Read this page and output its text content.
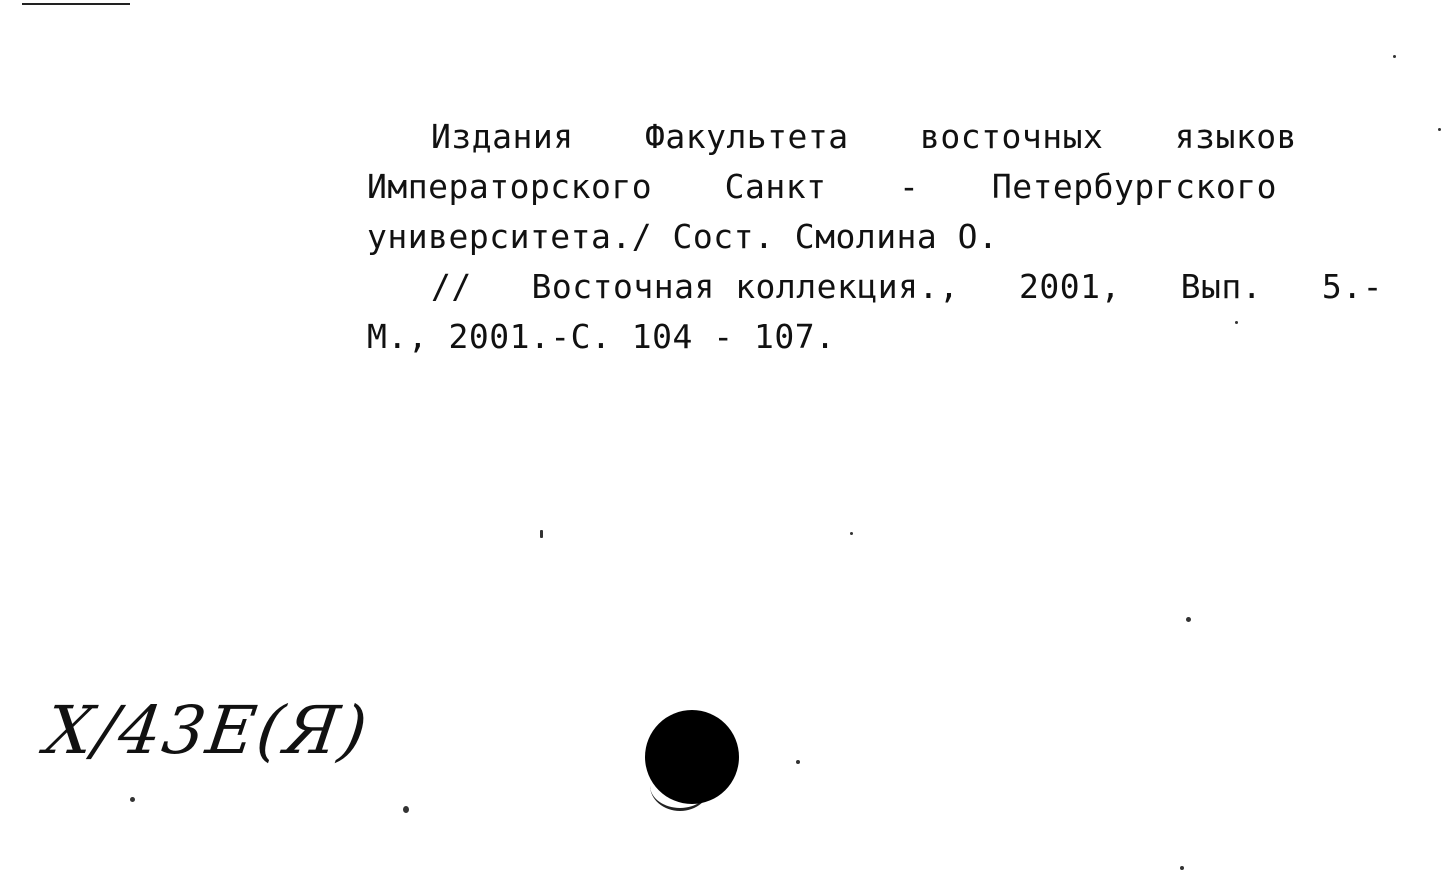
Издания Факультета восточных языков
Императорского Санкт - Петербургского
университета./ Сост. Смолина О.
// Восточная коллекция., 2001, Вып. 5.-
М., 2001.-С. 104 - 107.
X/43E(Я)
